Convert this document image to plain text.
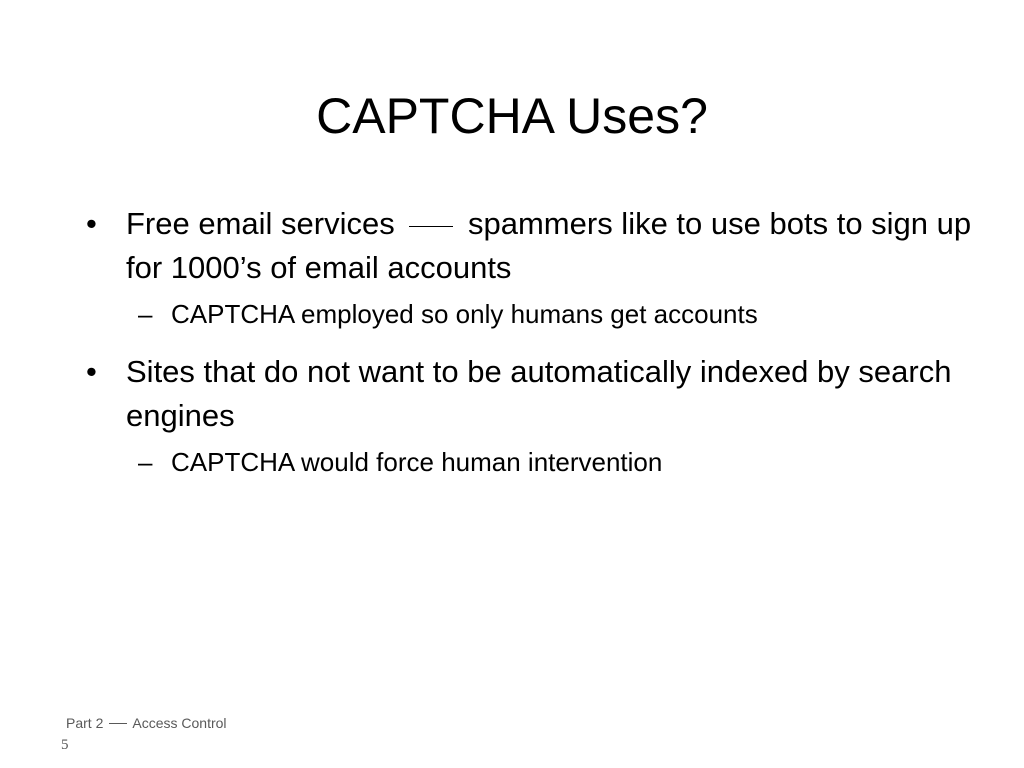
CAPTCHA Uses?
• Free email services spammers like to use bots to sign up for 1000’s of email accounts
– CAPTCHA employed so only humans get accounts
• Sites that do not want to be automatically indexed by search engines
– CAPTCHA would force human intervention
Part 2 Access Control
5
